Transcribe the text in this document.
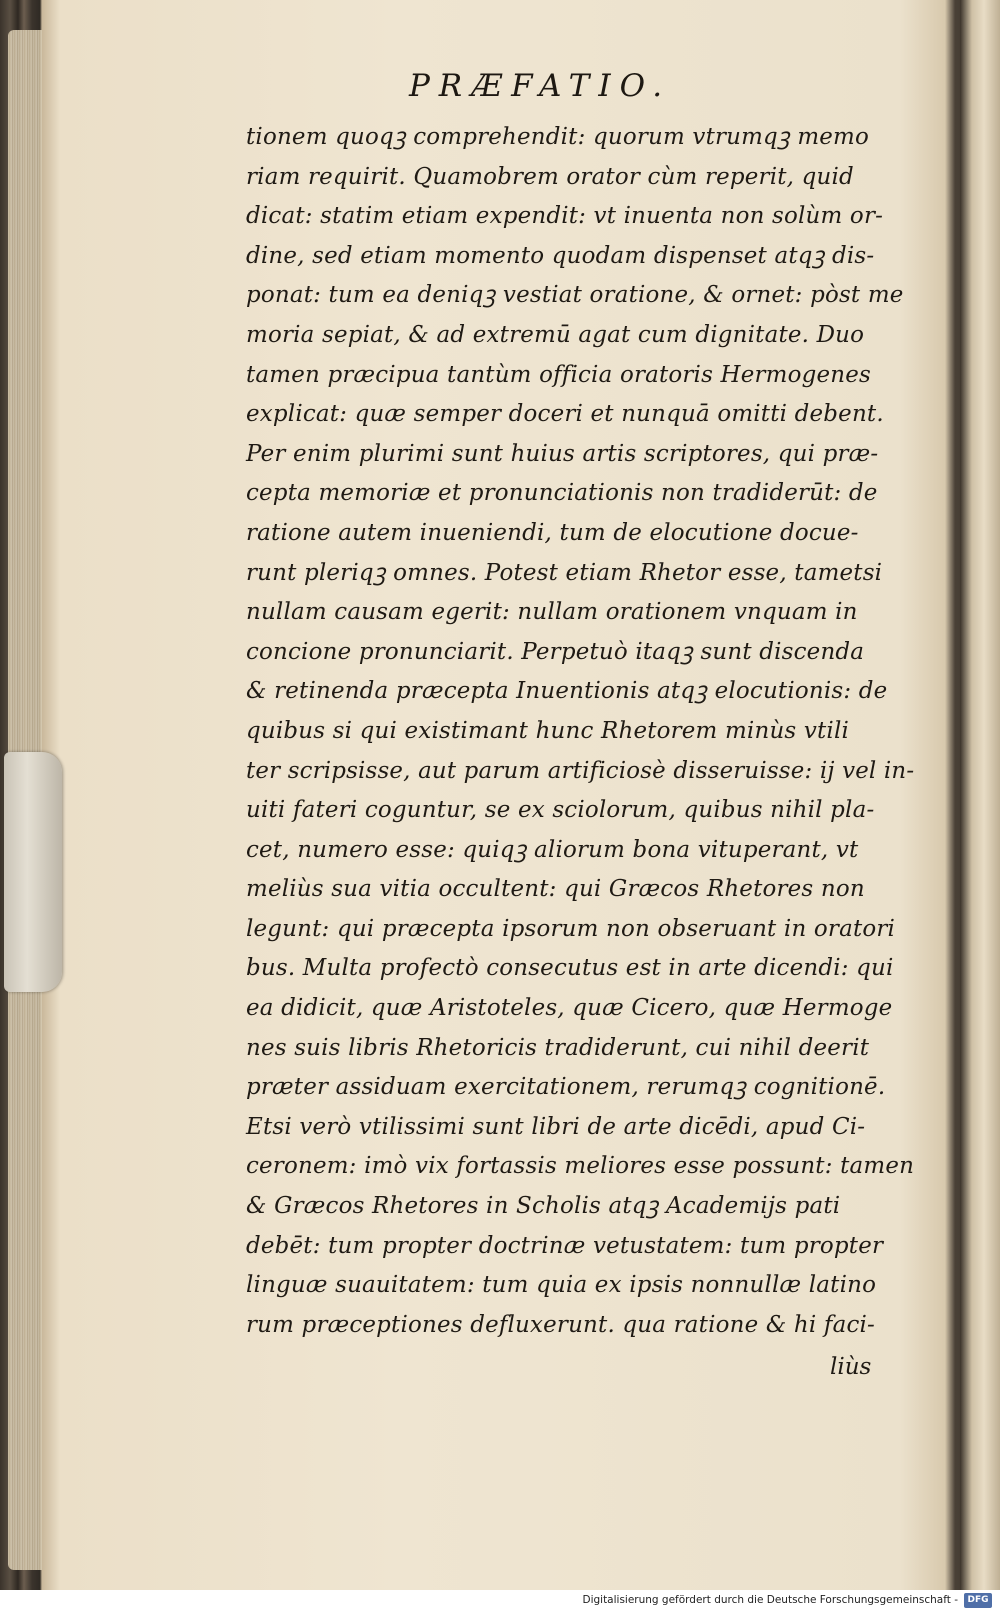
PRÆFATIO.
tionem quoqꝫ comprehendit: quorum vtrumqꝫ memo
riam requirit. Quamobrem orator cùm reperit, quid
dicat: statim etiam expendit: vt inuenta non solùm or-
dine, sed etiam momento quodam dispenset atqꝫ dis-
ponat: tum ea deniqꝫ vestiat oratione, & ornet: pòst me
moria sepiat, & ad extremū agat cum dignitate. Duo
tamen præcipua tantùm officia oratoris Hermogenes
explicat: quæ semper doceri et nunquā omitti debent.
Per enim plurimi sunt huius artis scriptores, qui præ-
cepta memoriæ et pronunciationis non tradiderūt: de
ratione autem inueniendi, tum de elocutione docue-
runt pleriqꝫ omnes. Potest etiam Rhetor esse, tametsi
nullam causam egerit: nullam orationem vnquam in
concione pronunciarit. Perpetuò itaqꝫ sunt discenda
& retinenda præcepta Inuentionis atqꝫ elocutionis: de
quibus si qui existimant hunc Rhetorem minùs vtili
ter scripsisse, aut parum artificiosè disseruisse: ij vel in-
uiti fateri coguntur, se ex sciolorum, quibus nihil pla-
cet, numero esse: quiqꝫ aliorum bona vituperant, vt
meliùs sua vitia occultent: qui Græcos Rhetores non
legunt: qui præcepta ipsorum non obseruant in oratori
bus. Multa profectò consecutus est in arte dicendi: qui
ea didicit, quæ Aristoteles, quæ Cicero, quæ Hermoge
nes suis libris Rhetoricis tradiderunt, cui nihil deerit
præter assiduam exercitationem, rerumqꝫ cognitionē.
Etsi verò vtilissimi sunt libri de arte dicēdi, apud Ci-
ceronem: imò vix fortassis meliores esse possunt: tamen
& Græcos Rhetores in Scholis atqꝫ Academijs pati
debēt: tum propter doctrinæ vetustatem: tum propter
linguæ suauitatem: tum quia ex ipsis nonnullæ latino
rum præceptiones defluxerunt. qua ratione & hi faci-
liùs
Digitalisierung gefördert durch die Deutsche Forschungsgemeinschaft -	DFG
